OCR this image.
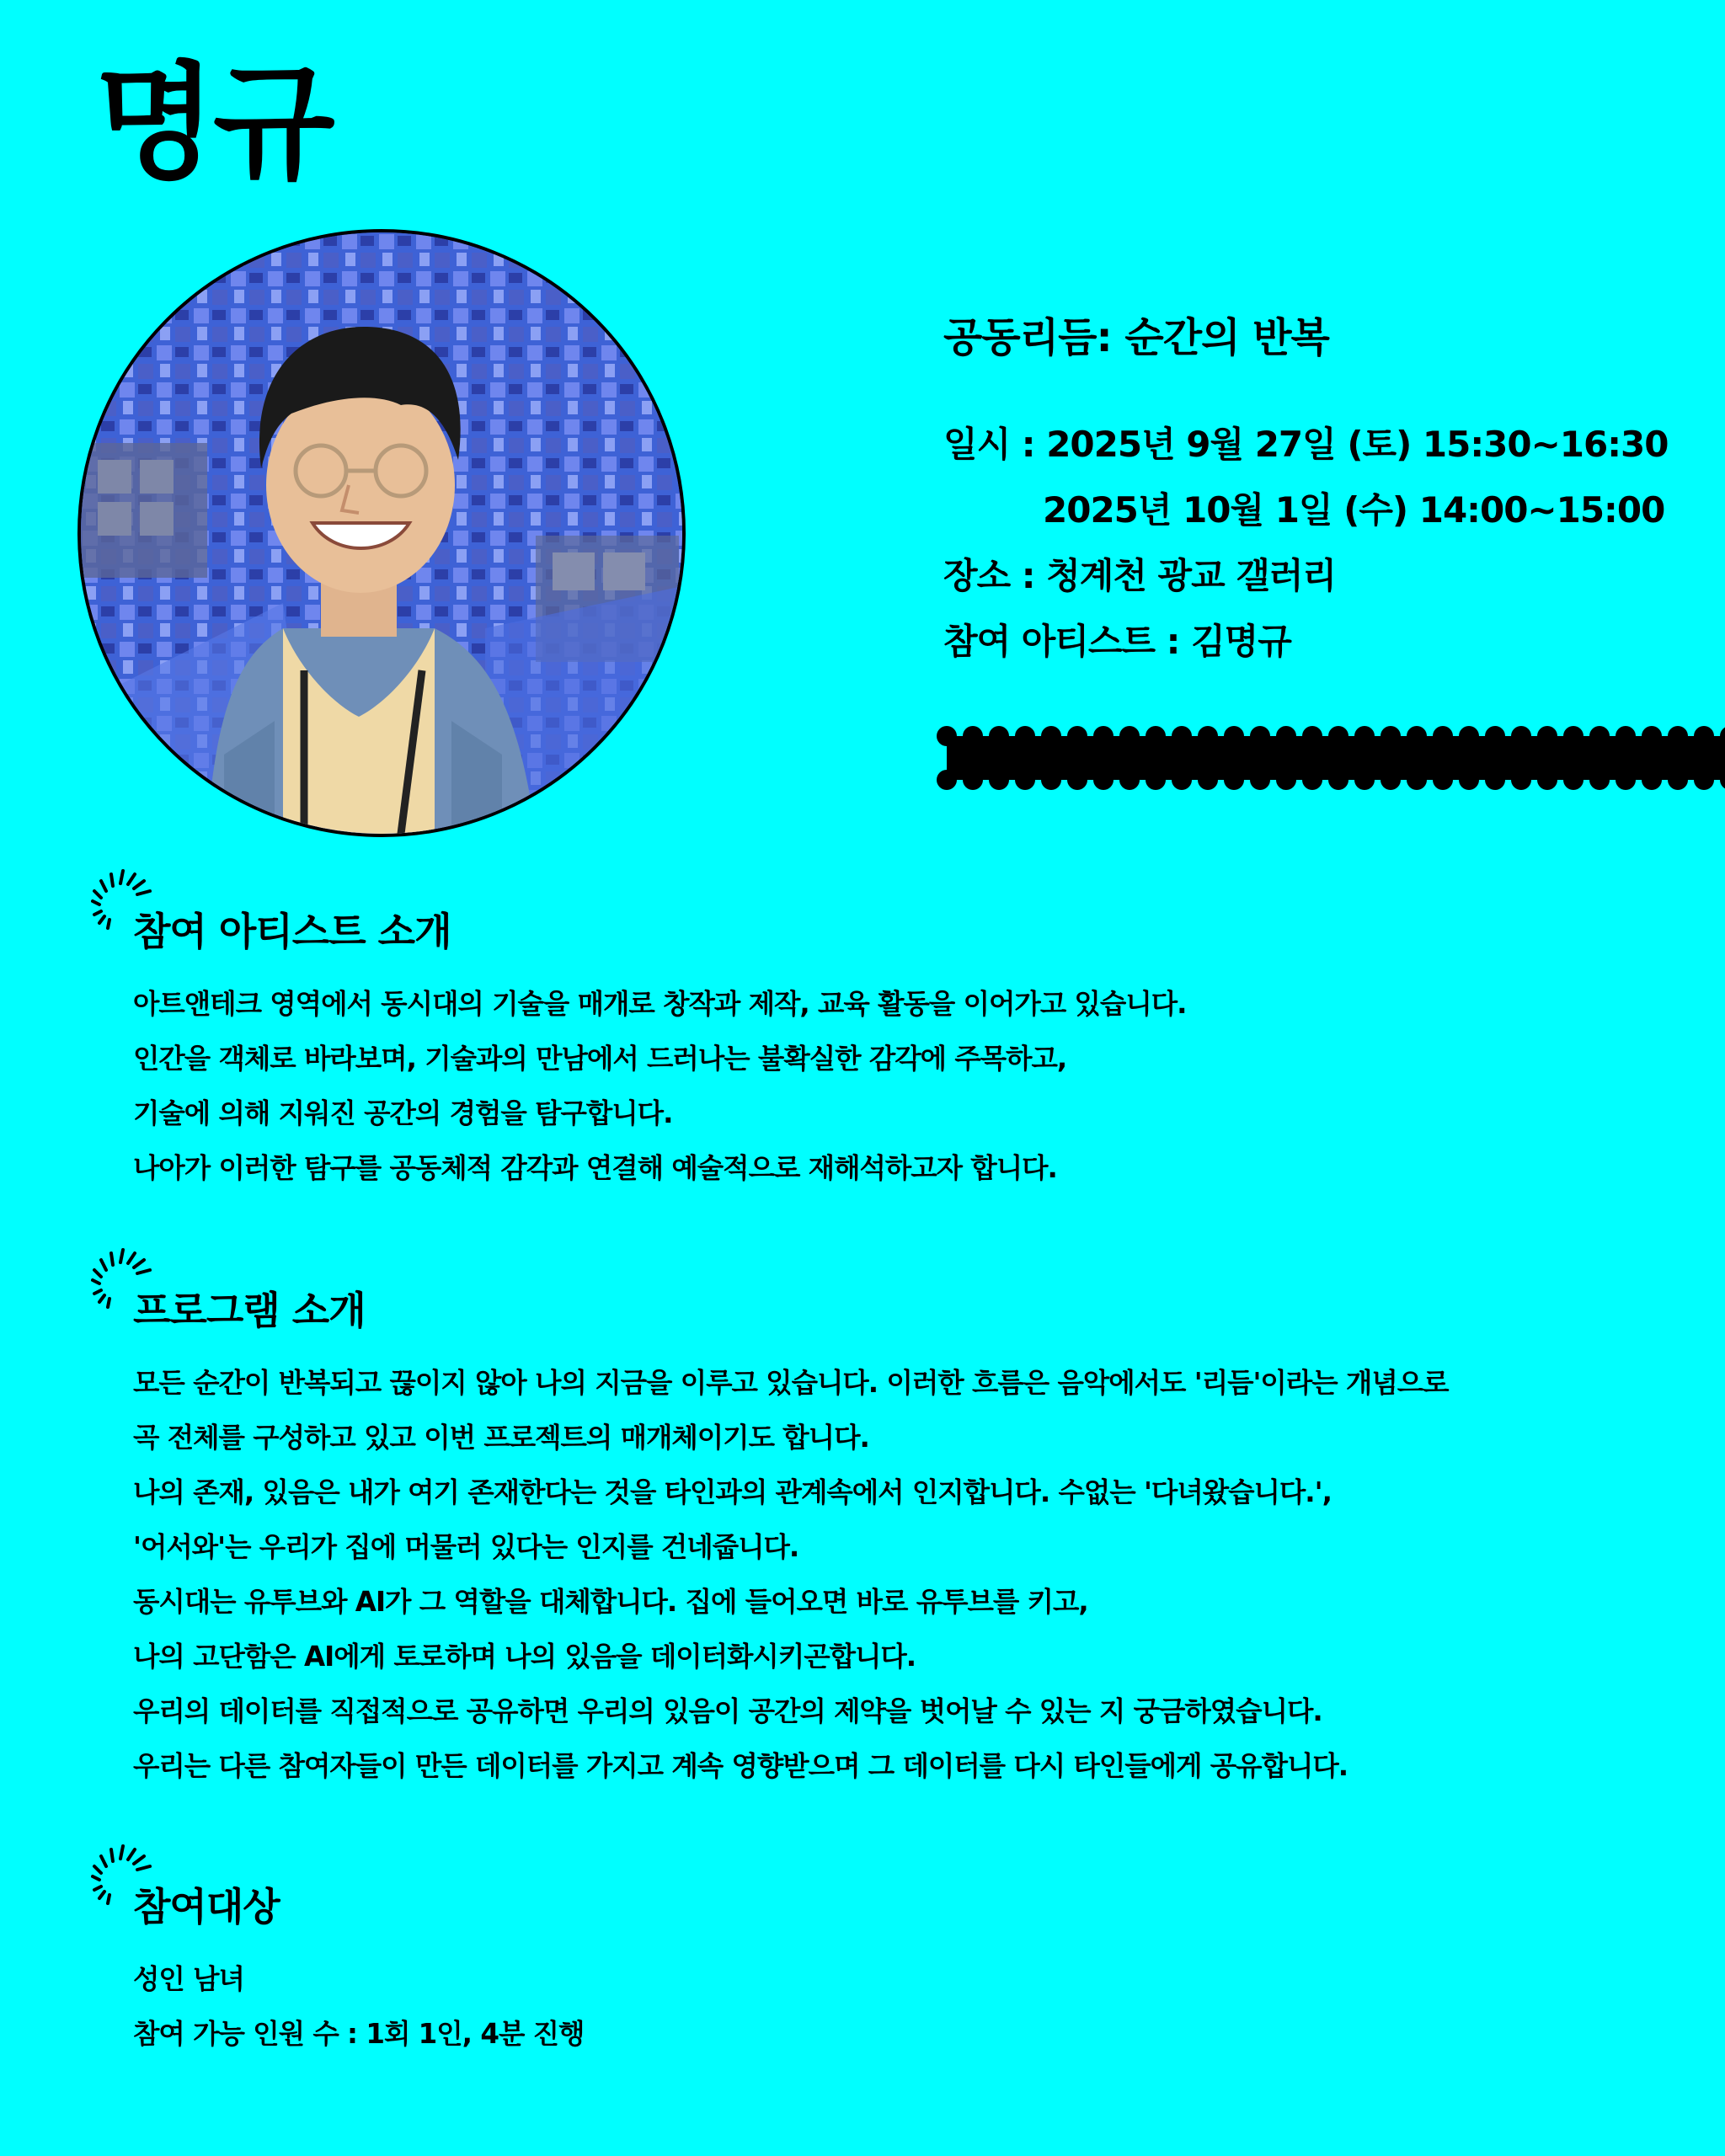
명규
공동리듬: 순간의 반복
일시 : 2025년 9월 27일 (토) 15:30~16:30
2025년 10월 1일 (수) 14:00~15:00
장소 : 청계천 광교 갤러리
참여 아티스트 : 김명규
참여 아티스트 소개

아트앤테크 영역에서 동시대의 기술을 매개로 창작과 제작, 교육 활동을 이어가고 있습니다.

인간을 객체로 바라보며, 기술과의 만남에서 드러나는 불확실한 감각에 주목하고,

기술에 의해 지워진 공간의 경험을 탐구합니다.

나아가 이러한 탐구를 공동체적 감각과 연결해 예술적으로 재해석하고자 합니다.

프로그램 소개

모든 순간이 반복되고 끊이지 않아 나의 지금을 이루고 있습니다. 이러한 흐름은 음악에서도 '리듬'이라는 개념으로

곡 전체를 구성하고 있고 이번 프로젝트의 매개체이기도 합니다.

나의 존재, 있음은 내가 여기 존재한다는 것을 타인과의 관계속에서 인지합니다. 수없는 '다녀왔습니다.',

'어서와'는 우리가 집에 머물러 있다는 인지를 건네줍니다.

동시대는 유투브와 AI가 그 역할을 대체합니다. 집에 들어오면 바로 유투브를 키고,

나의 고단함은 AI에게 토로하며 나의 있음을 데이터화시키곤합니다.

우리의 데이터를 직접적으로 공유하면 우리의 있음이 공간의 제약을 벗어날 수 있는 지 궁금하였습니다.

우리는 다른 참여자들이 만든 데이터를 가지고 계속 영향받으며 그 데이터를 다시 타인들에게 공유합니다.

참여대상

성인 남녀

참여 가능 인원 수 : 1회 1인, 4분 진행
